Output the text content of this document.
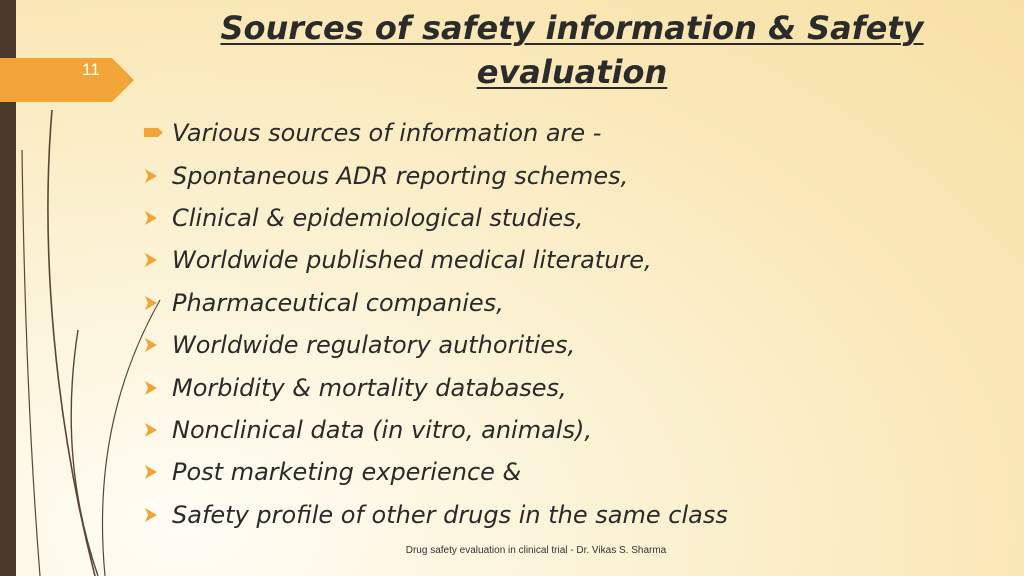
11
Sources of safety information & Safety evaluation
Various sources of information are -
Spontaneous ADR reporting schemes,
Clinical & epidemiological studies,
Worldwide published medical literature,
Pharmaceutical companies,
Worldwide regulatory authorities,
Morbidity & mortality databases,
Nonclinical data (in vitro, animals),
Post marketing experience &
Safety profile of other drugs in the same class
Drug safety evaluation in clinical trial - Dr. Vikas S. Sharma
